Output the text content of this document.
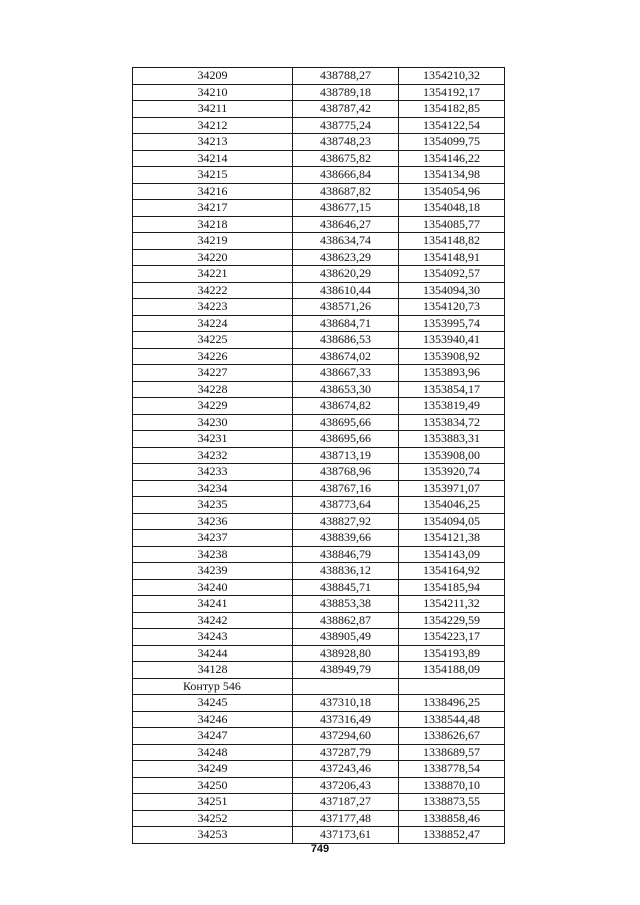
34209	438788,27	1354210,32
34210	438789,18	1354192,17
34211	438787,42	1354182,85
34212	438775,24	1354122,54
34213	438748,23	1354099,75
34214	438675,82	1354146,22
34215	438666,84	1354134,98
34216	438687,82	1354054,96
34217	438677,15	1354048,18
34218	438646,27	1354085,77
34219	438634,74	1354148,82
34220	438623,29	1354148,91
34221	438620,29	1354092,57
34222	438610,44	1354094,30
34223	438571,26	1354120,73
34224	438684,71	1353995,74
34225	438686,53	1353940,41
34226	438674,02	1353908,92
34227	438667,33	1353893,96
34228	438653,30	1353854,17
34229	438674,82	1353819,49
34230	438695,66	1353834,72
34231	438695,66	1353883,31
34232	438713,19	1353908,00
34233	438768,96	1353920,74
34234	438767,16	1353971,07
34235	438773,64	1354046,25
34236	438827,92	1354094,05
34237	438839,66	1354121,38
34238	438846,79	1354143,09
34239	438836,12	1354164,92
34240	438845,71	1354185,94
34241	438853,38	1354211,32
34242	438862,87	1354229,59
34243	438905,49	1354223,17
34244	438928,80	1354193,89
34128	438949,79	1354188,09
Контур 546		
34245	437310,18	1338496,25
34246	437316,49	1338544,48
34247	437294,60	1338626,67
34248	437287,79	1338689,57
34249	437243,46	1338778,54
34250	437206,43	1338870,10
34251	437187,27	1338873,55
34252	437177,48	1338858,46
34253	437173,61	1338852,47
749
